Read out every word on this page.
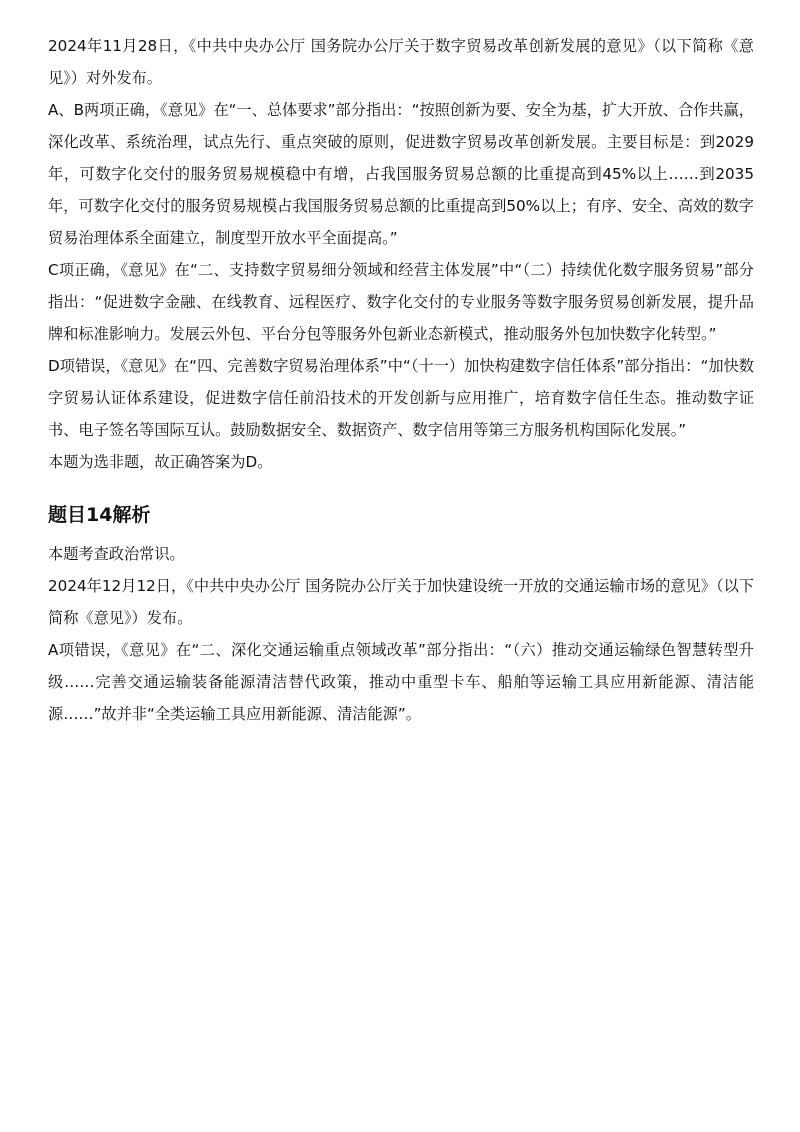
2024年11月28日，《中共中央办公厅 国务院办公厅关于数字贸易改革创新发展的意见》（以下简称《意见》）对外发布。

A、B两项正确，《意见》在“一、总体要求”部分指出：“按照创新为要、安全为基，扩大开放、合作共赢，深化改革、系统治理，试点先行、重点突破的原则，促进数字贸易改革创新发展。主要目标是：到2029年，可数字化交付的服务贸易规模稳中有增，占我国服务贸易总额的比重提高到45%以上……到2035年，可数字化交付的服务贸易规模占我国服务贸易总额的比重提高到50%以上；有序、安全、高效的数字贸易治理体系全面建立，制度型开放水平全面提高。”

C项正确，《意见》在“二、支持数字贸易细分领域和经营主体发展”中“（二）持续优化数字服务贸易”部分指出：“促进数字金融、在线教育、远程医疗、数字化交付的专业服务等数字服务贸易创新发展，提升品牌和标准影响力。发展云外包、平台分包等服务外包新业态新模式，推动服务外包加快数字化转型。”

D项错误，《意见》在“四、完善数字贸易治理体系”中“（十一）加快构建数字信任体系”部分指出：“加快数字贸易认证体系建设，促进数字信任前沿技术的开发创新与应用推广，培育数字信任生态。推动数字证书、电子签名等国际互认。鼓励数据安全、数据资产、数字信用等第三方服务机构国际化发展。”

本题为选非题，故正确答案为D。

题目14解析

本题考查政治常识。

2024年12月12日，《中共中央办公厅 国务院办公厅关于加快建设统一开放的交通运输市场的意见》（以下简称《意见》）发布。

A项错误，《意见》在“二、深化交通运输重点领域改革”部分指出：“（六）推动交通运输绿色智慧转型升级……完善交通运输装备能源清洁替代政策，推动中重型卡车、船舶等运输工具应用新能源、清洁能源……”故并非“全类运输工具应用新能源、清洁能源”。
